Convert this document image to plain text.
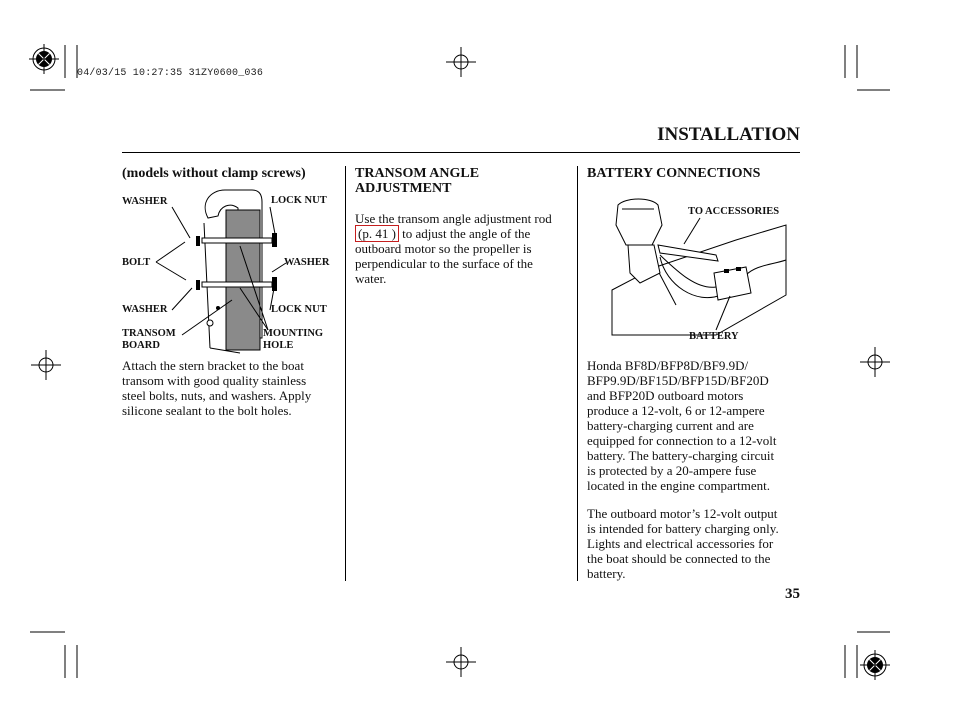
04/03/15 10:27:35 31ZY0600_036
INSTALLATION
(models without clamp screws)
WASHER	LOCK NUT
BOLT	WASHER
WASHER	LOCK NUT
TRANSOM
BOARD
MOUNTING
HOLE

Attach the stern bracket to the boat

transom with good quality stainless

steel bolts, nuts, and washers. Apply

silicone sealant to the bolt holes.

TRANSOM ANGLE
ADJUSTMENT

Use the transom angle adjustment rod

(p. 41 ) to adjust the angle of the

outboard motor so the propeller is

perpendicular to the surface of the

water.

BATTERY CONNECTIONS
TO ACCESSORIES
BATTERY

Honda BF8D/BFP8D/BF9.9D/

BFP9.9D/BF15D/BFP15D/BF20D

and BFP20D outboard motors

produce a 12-volt, 6 or 12-ampere

battery-charging current and are

equipped for connection to a 12-volt

battery. The battery-charging circuit

is protected by a 20-ampere fuse

located in the engine compartment.

The outboard motor’s 12-volt output

is intended for battery charging only.

Lights and electrical accessories for

the boat should be connected to the

battery.

35
